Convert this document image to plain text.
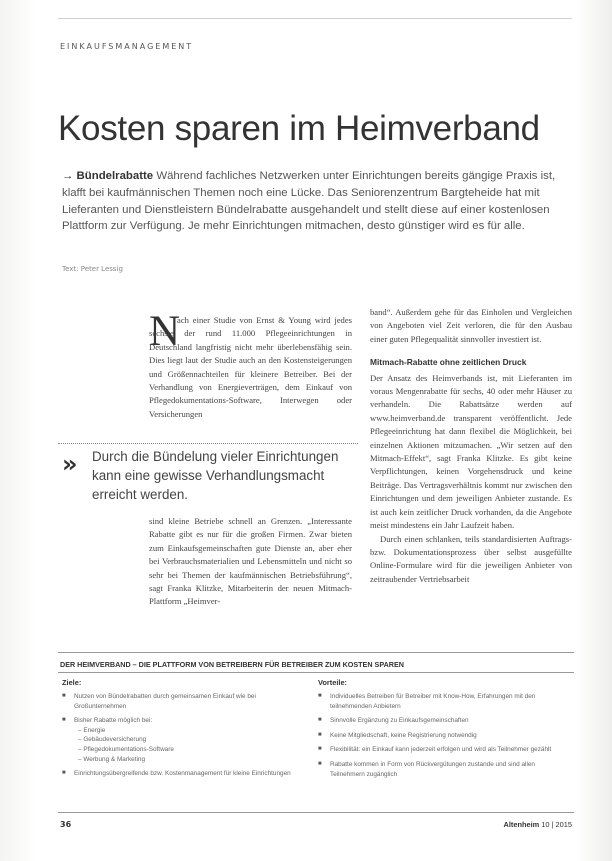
EINKAUFSMANAGEMENT
Kosten sparen im Heimverband
→ Bündelrabatte Während fachliches Netzwerken unter Einrichtungen bereits gängige Praxis ist, klafft bei kaufmännischen Themen noch eine Lücke. Das Seniorenzentrum Bargteheide hat mit Lieferanten und Dienstleistern Bündelrabatte ausgehandelt und stellt diese auf einer kostenlosen Plattform zur Verfügung. Je mehr Einrichtungen mitmachen, desto günstiger wird es für alle.
Text: Peter Lessig
N

ach einer Studie von Ernst & Young wird jedes sechste der rund 11.000 Pflegeeinrichtungen in Deutschland langfristig nicht mehr überlebensfähig sein. Dies liegt laut der Studie auch an den Kostensteigerungen und Größennachteilen für kleinere Betreiber. Bei der Verhandlung von Energieverträgen, dem Einkauf von Pflegedokumentations-Software, Interwegen oder Versicherungen

» Durch die Bündelung vieler Einrichtungen kann eine gewisse Verhandlungsmacht erreicht werden.

sind kleine Betriebe schnell an Grenzen. „Interessante Rabatte gibt es nur für die großen Firmen. Zwar bieten zum Einkaufsgemeinschaften gute Dienste an, aber eher bei Verbrauchsmaterialien und Lebensmitteln und nicht so sehr bei Themen der kaufmännischen Betriebsführung“, sagt Franka Klitzke, Mitarbeiterin der neuen Mitmach-Plattform „Heimver-

band“. Außerdem gehe für das Einholen und Vergleichen von Angeboten viel Zeit verloren, die für den Ausbau einer guten Pflegequalität sinnvoller investiert ist.

Mitmach-Rabatte ohne zeitlichen Druck

Der Ansatz des Heimverbands ist, mit Lieferanten im voraus Mengenrabatte für sechs, 40 oder mehr Häuser zu verhandeln. Die Rabattsätze werden auf www.heimverband.de transparent veröffentlicht. Jede Pflegeeinrichtung hat dann flexibel die Möglichkeit, bei einzelnen Aktionen mitzumachen. „Wir setzen auf den Mitmach-Effekt“, sagt Franka Klitzke. Es gibt keine Verpflichtungen, keinen Vorgehensdruck und keine Beiträge. Das Vertragsverhältnis kommt nur zwischen den Einrichtungen und dem jeweiligen Anbieter zustande. Es ist auch kein zeitlicher Druck vorhanden, da die Angebote meist mindestens ein Jahr Laufzeit haben.

Durch einen schlanken, teils standardisierten Auftrags- bzw. Dokumentationsprozess über selbst ausgefüllte Online-Formulare wird für die jeweiligen Anbieter von zeitraubender Vertriebsarbeit

DER HEIMVERBAND – DIE PLATTFORM VON BETREIBERN FÜR BETREIBER ZUM KOSTEN SPAREN
Ziele:
■ Nutzen von Bündelrabatten durch gemeinsamen Einkauf wie bei Großunternehmen
■ Bisher Rabatte möglich bei:
– Energie
– Gebäudeversicherung
– Pflegedokumentations-Software
– Werbung & Marketing
■ Einrichtungsübergreifende bzw. Kostenmanagement für kleine Einrichtungen
Vorteile:
■ Individuelles Betreiben für Betreiber mit Know-How, Erfahrungen mit den teilnehmenden Anbietern
■ Sinnvolle Ergänzung zu Einkaufsgemeinschaften
■ Keine Mitgliedschaft, keine Registrierung notwendig
■ Flexibilität: ein Einkauf kann jederzeit erfolgen und wird als Teilnehmer gezählt
■ Rabatte kommen in Form von Rückvergütungen zustande und sind allen Teilnehmern zugänglich
36	Altenheim 10 | 2015
